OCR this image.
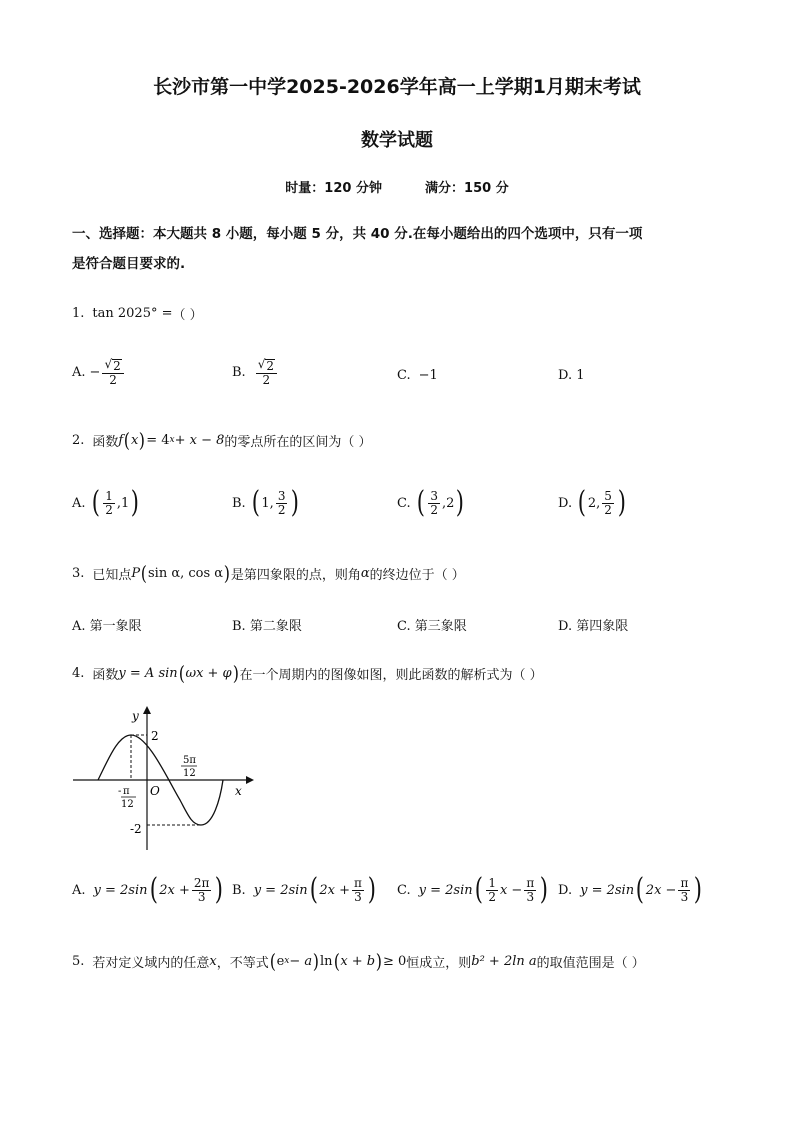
长沙市第一中学2025-2026学年高一上学期1月期末考试
数学试题
时量：120 分钟	满分：150 分
一、选择题：本大题共 8 小题，每小题 5 分，共 40 分.在每小题给出的四个选项中，只有一项
是符合题目要求的.
1. tan 2025° = （ ）
A. − $\frac{√ 2}{2}$	B. $\frac{√ 2}{2}$	C. −1	D. 1
2. 函数 f ( x ) = 4 x + x − 8 的零点所在的区间为（ ）
A. ( $\frac{1}{2} ,1$ )	B. ( 1, $\frac{3}{2}$ )	C. ( $\frac{3}{2} ,2$ )	D. ( 2, $\frac{5}{2}$ )
3. 已知点 P ( sin α, cos α ) 是第四象限的点，则角 α 的终边位于（ ）
A. 第一象限	B. 第二象限	C. 第三象限	D. 第四象限
4. 函数 y = A sin ( ωx + φ ) 在一个周期内的图像如图，则此函数的解析式为（ ）
y
x
O
2
-2
- π
12
5π
12
A. y = 2sin ( $2x + \frac{2\pi}{3}$ ) B. y = 2sin ( $2x + \frac{\pi}{3}$ ) C. y = 2sin ( $\frac{1}{2}$ $x - \frac{\pi}{3}$ ) D. y = 2sin ( $2x - \frac{\pi}{3}$ )
5. 若对定义域内的任意 x ，不等式 ( e x − a ) ln ( x + b ) ≥ 0 恒成立，则 b² + 2ln a 的取值范围是（ ）
